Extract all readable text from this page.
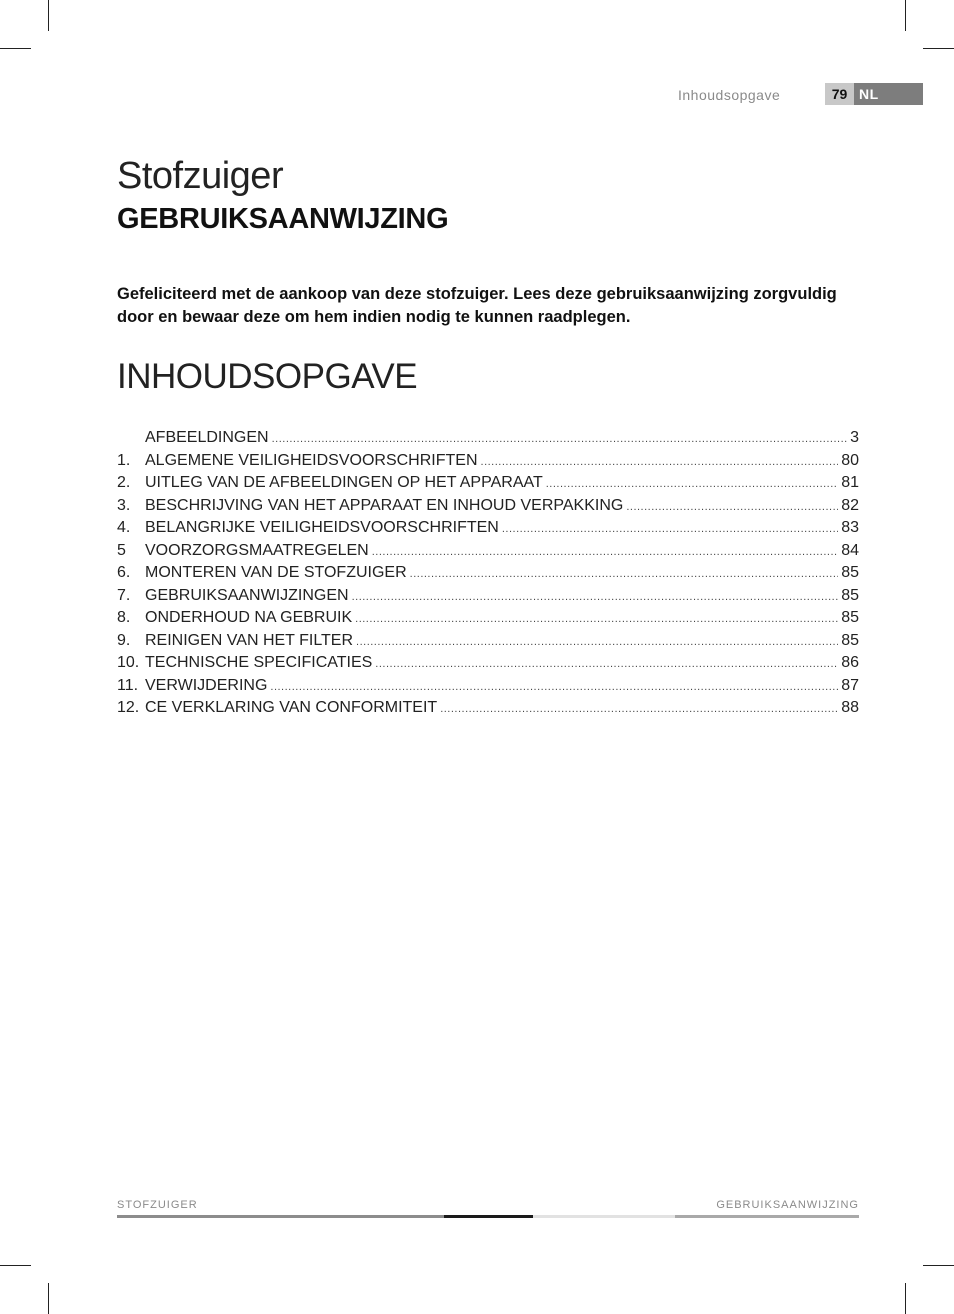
Inhoudsopgave	79 NL
Stofzuiger
GEBRUIKSAANWIJZING
Gefeliciteerd met de aankoop van deze stofzuiger. Lees deze gebruiksaanwijzing zorgvuldig door en bewaar deze om hem indien nodig te kunnen raadplegen.
INHOUDSOPGAVE
AFBEELDINGEN .....	3
1. ALGEMENE VEILIGHEIDSVOORSCHRIFTEN .....	80
2. UITLEG VAN DE AFBEELDINGEN OP HET APPARAAT .....	81
3. BESCHRIJVING VAN HET APPARAAT EN INHOUD VERPAKKING .....	82
4. BELANGRIJKE VEILIGHEIDSVOORSCHRIFTEN .....	83
5	VOORZORGSMAATREGELEN .....	84
6. MONTEREN VAN DE STOFZUIGER .....	85
7. GEBRUIKSAANWIJZINGEN .....	85
8. ONDERHOUD NA GEBRUIK .....	85
9. REINIGEN VAN HET FILTER .....	85
10. TECHNISCHE SPECIFICATIES .....	86
11. VERWIJDERING .....	87
12. CE VERKLARING VAN CONFORMITEIT .....	88
STOFZUIGER	GEBRUIKSAANWIJZING
